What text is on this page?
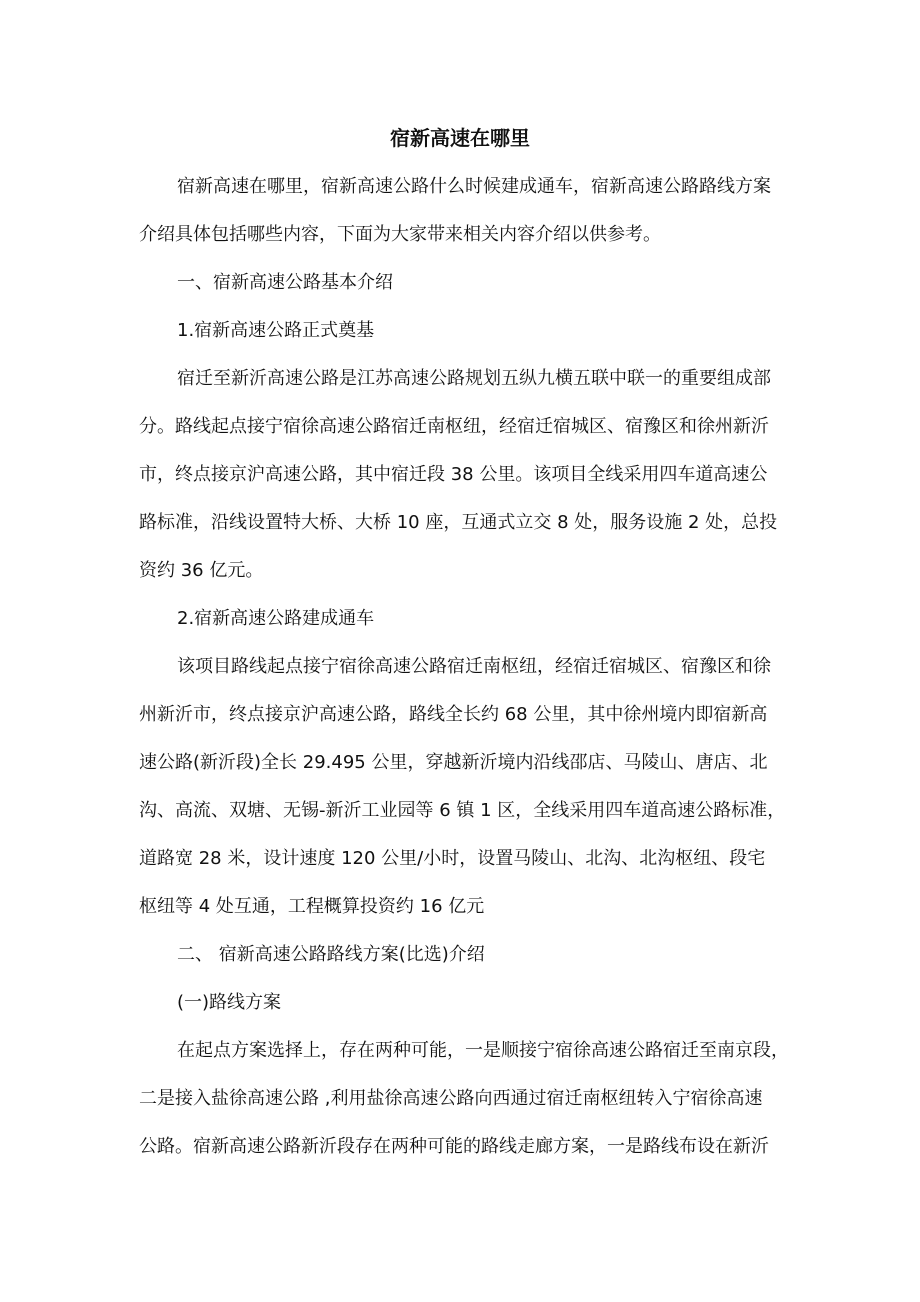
宿新高速在哪里

宿新高速在哪里，宿新高速公路什么时候建成通车，宿新高速公路路线方案

介绍具体包括哪些内容，下面为大家带来相关内容介绍以供参考。

一、宿新高速公路基本介绍

1.宿新高速公路正式奠基

宿迁至新沂高速公路是江苏高速公路规划五纵九横五联中联一的重要组成部

分。路线起点接宁宿徐高速公路宿迁南枢纽，经宿迁宿城区、宿豫区和徐州新沂

市，终点接京沪高速公路，其中宿迁段 38 公里。该项目全线采用四车道高速公

路标准，沿线设置特大桥、大桥 10 座，互通式立交 8 处，服务设施 2 处，总投

资约 36 亿元。

2.宿新高速公路建成通车

该项目路线起点接宁宿徐高速公路宿迁南枢纽，经宿迁宿城区、宿豫区和徐

州新沂市，终点接京沪高速公路，路线全长约 68 公里，其中徐州境内即宿新高

速公路(新沂段)全长 29.495 公里，穿越新沂境内沿线邵店、马陵山、唐店、北

沟、高流、双塘、无锡-新沂工业园等 6 镇 1 区，全线采用四车道高速公路标准，

道路宽 28 米，设计速度 120 公里/小时，设置马陵山、北沟、北沟枢纽、段宅

枢纽等 4 处互通，工程概算投资约 16 亿元

二、 宿新高速公路路线方案(比选)介绍

(一)路线方案

在起点方案选择上，存在两种可能，一是顺接宁宿徐高速公路宿迁至南京段，

二是接入盐徐高速公路 ,利用盐徐高速公路向西通过宿迁南枢纽转入宁宿徐高速

公路。宿新高速公路新沂段存在两种可能的路线走廊方案，一是路线布设在新沂
